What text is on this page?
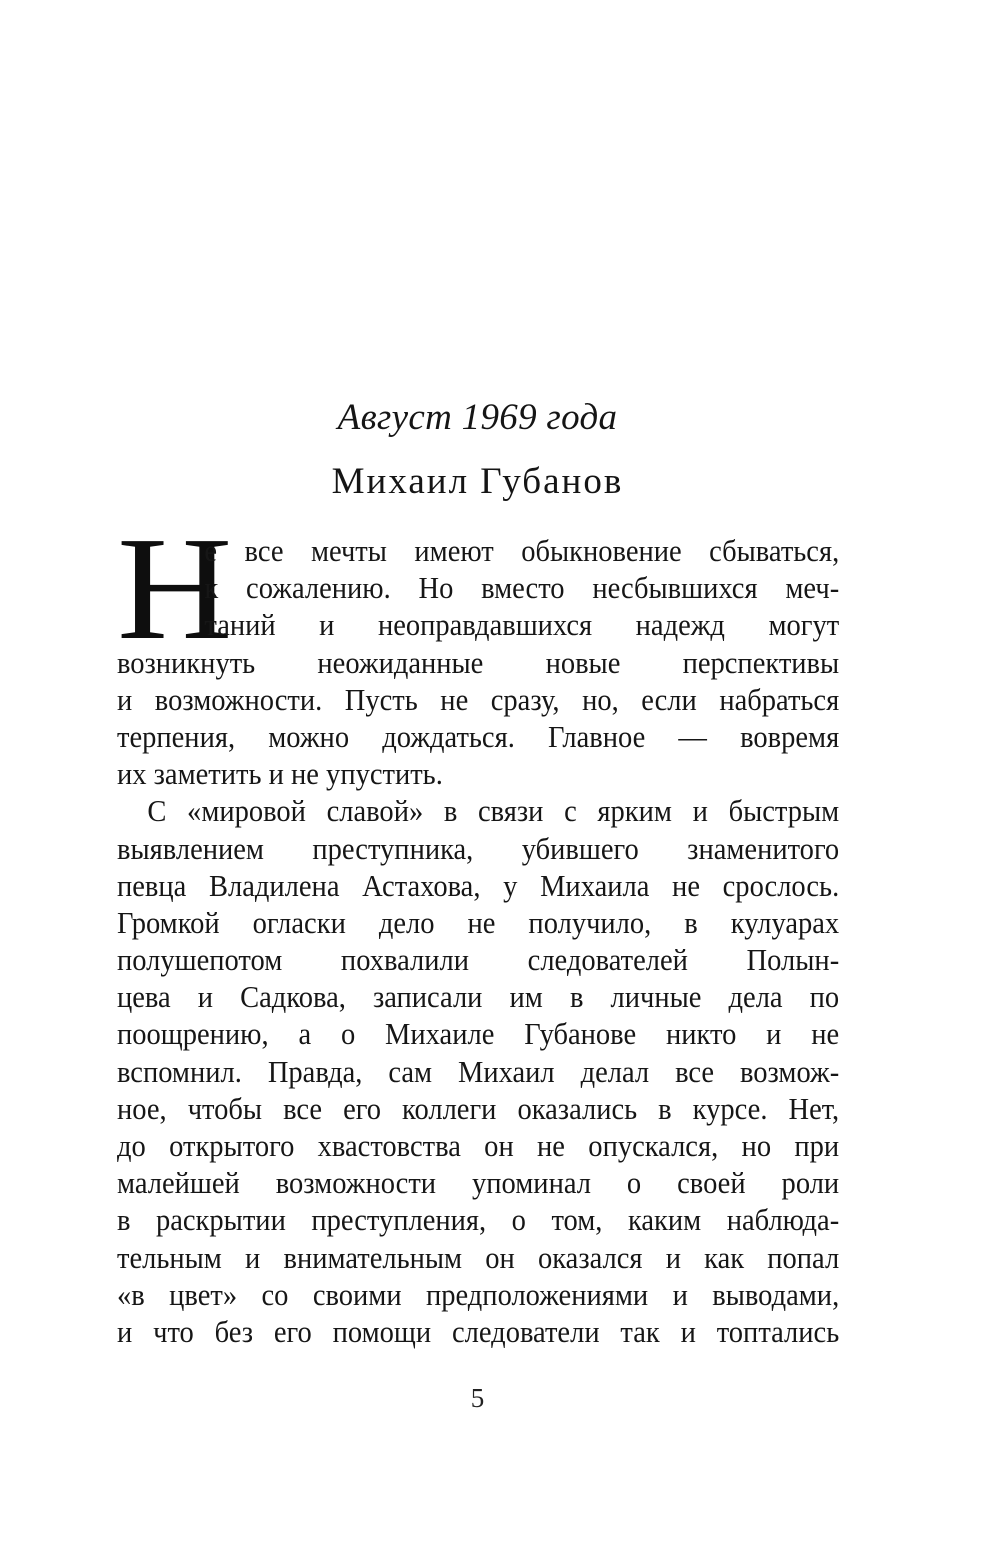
Август 1969 года
Михаил Губанов
Н
е все мечты имеют обыкновение сбываться,
к сожалению. Но вместо несбывшихся меч-
таний и неоправдавшихся надежд могут
возникнуть неожиданные новые перспективы
и возможности. Пусть не сразу, но, если набраться
терпения, можно дождаться. Главное — вовремя
их заметить и не упустить.
С «мировой славой» в связи с ярким и быстрым
выявлением преступника, убившего знаменитого
певца Владилена Астахова, у Михаила не срослось.
Громкой огласки дело не получило, в кулуарах
полушепотом похвалили следователей Полын-
цева и Садкова, записали им в личные дела по
поощрению, а о Михаиле Губанове никто и не
вспомнил. Правда, сам Михаил делал все возмож-
ное, чтобы все его коллеги оказались в курсе. Нет,
до открытого хвастовства он не опускался, но при
малейшей возможности упоминал о своей роли
в раскрытии преступления, о том, каким наблюда-
тельным и внимательным он оказался и как попал
«в цвет» со своими предположениями и выводами,
и что без его помощи следователи так и топтались
5
